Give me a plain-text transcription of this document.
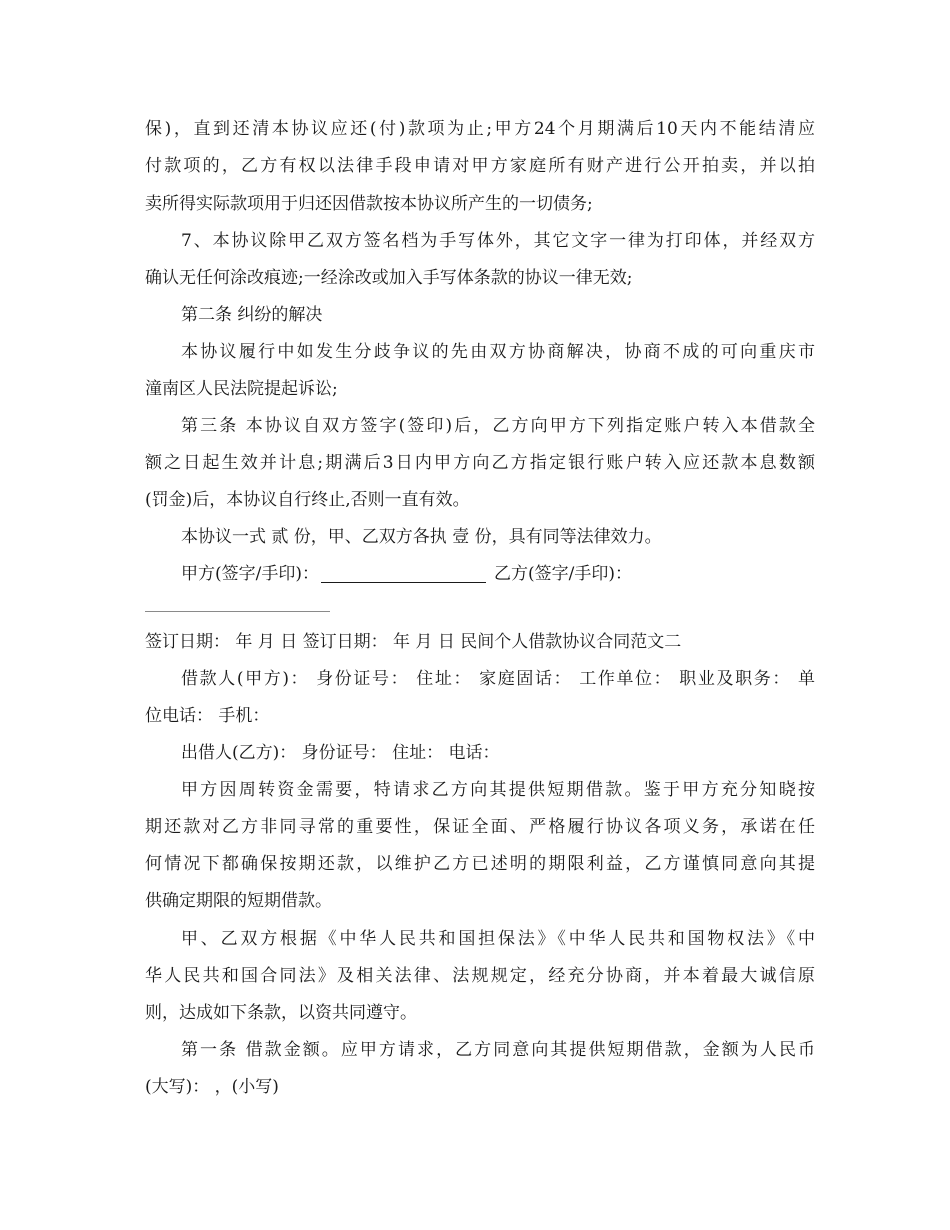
保)，直到还清本协议应还(付)款项为止;甲方24个月期满后10天内不能结清应
付款项的，乙方有权以法律手段申请对甲方家庭所有财产进行公开拍卖，并以拍
卖所得实际款项用于归还因借款按本协议所产生的一切债务;
7、本协议除甲乙双方签名档为手写体外，其它文字一律为打印体，并经双方
确认无任何涂改痕迹;一经涂改或加入手写体条款的协议一律无效;
第二条 纠纷的解决
本协议履行中如发生分歧争议的先由双方协商解决，协商不成的可向重庆市
潼南区人民法院提起诉讼;
第三条 本协议自双方签字(签印)后，乙方向甲方下列指定账户转入本借款全
额之日起生效并计息;期满后3日内甲方向乙方指定银行账户转入应还款本息数额
(罚金)后，本协议自行终止,否则一直有效。
本协议一式 贰 份，甲、乙双方各执 壹 份，具有同等法律效力。
甲方(签字/手印)：	乙方(签字/手印)：
签订日期： 年 月 日 签订日期： 年 月 日 民间个人借款协议合同范文二
借款人(甲方)： 身份证号： 住址： 家庭固话： 工作单位： 职业及职务： 单
位电话： 手机：
出借人(乙方)： 身份证号： 住址： 电话：
甲方因周转资金需要，特请求乙方向其提供短期借款。鉴于甲方充分知晓按
期还款对乙方非同寻常的重要性，保证全面、严格履行协议各项义务，承诺在任
何情况下都确保按期还款，以维护乙方已述明的期限利益，乙方谨慎同意向其提
供确定期限的短期借款。
甲、乙双方根据《中华人民共和国担保法》《中华人民共和国物权法》《中
华人民共和国合同法》及相关法律、法规规定，经充分协商，并本着最大诚信原
则，达成如下条款，以资共同遵守。
第一条 借款金额。应甲方请求，乙方同意向其提供短期借款，金额为人民币
(大写)： ，(小写)
